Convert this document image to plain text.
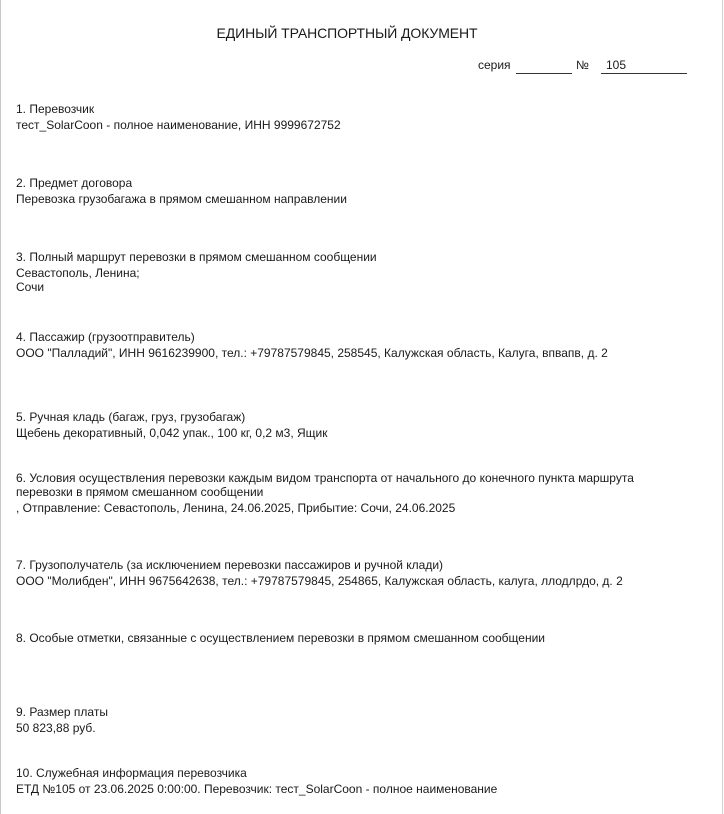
ЕДИНЫЙ ТРАНСПОРТНЫЙ ДОКУМЕНТ
серия	№ 105
1. Перевозчик
тест_SolarCoon - полное наименование, ИНН 9999672752
2. Предмет договора
Перевозка грузобагажа в прямом смешанном направлении
3. Полный маршрут перевозки в прямом смешанном сообщении
Севастополь, Ленина;
Сочи
4. Пассажир (грузоотправитель)
ООО "Палладий", ИНН 9616239900, тел.: +79787579845, 258545, Калужская область, Калуга, впвапв, д. 2
5. Ручная кладь (багаж, груз, грузобагаж)
Щебень декоративный, 0,042 упак., 100 кг, 0,2 м3, Ящик
6. Условия осуществления перевозки каждым видом транспорта от начального до конечного пункта маршрута
перевозки в прямом смешанном сообщении
, Отправление: Севастополь, Ленина, 24.06.2025, Прибытие: Сочи, 24.06.2025
7. Грузополучатель (за исключением перевозки пассажиров и ручной клади)
ООО "Молибден", ИНН 9675642638, тел.: +79787579845, 254865, Калужская область, калуга, ллодлрдо, д. 2
8. Особые отметки, связанные с осуществлением перевозки в прямом смешанном сообщении
9. Размер платы
50 823,88 руб.
10. Служебная информация перевозчика
ЕТД №105 от 23.06.2025 0:00:00. Перевозчик: тест_SolarCoon - полное наименование
